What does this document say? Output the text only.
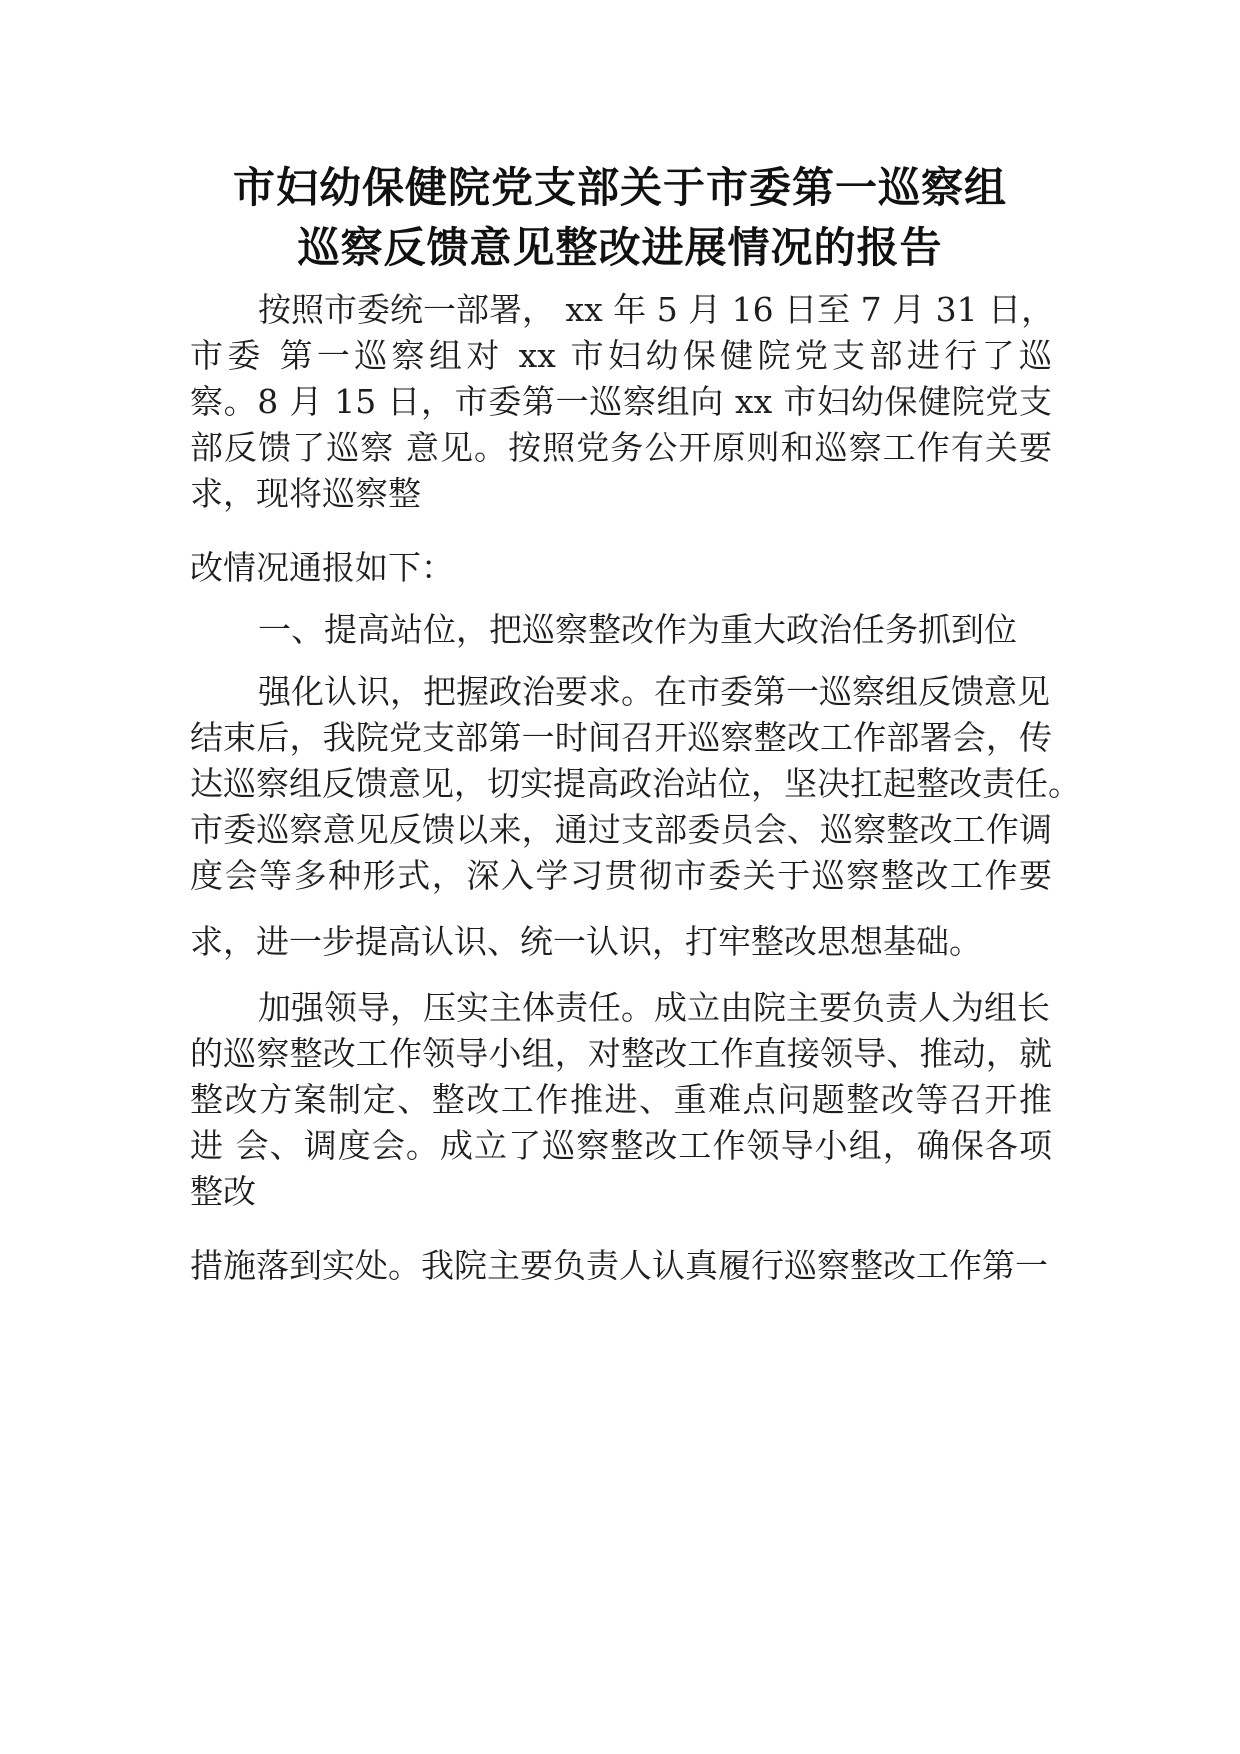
市妇幼保健院党支部关于市委第一巡察组
巡察反馈意见整改进展情况的报告
按照市委统一部署， xx 年 5 月 16 日至 7 月 31 日，
市委 第一巡察组对 xx 市妇幼保健院党支部进行了巡
察。8 月 15 日，市委第一巡察组向 xx 市妇幼保健院党支
部反馈了巡察 意见。按照党务公开原则和巡察工作有关要
求，现将巡察整
改情况通报如下：
一、提高站位，把巡察整改作为重大政治任务抓到位
强化认识，把握政治要求。在市委第一巡察组反馈意见
结束后，我院党支部第一时间召开巡察整改工作部署会，传
达巡察组反馈意见，切实提高政治站位，坚决扛起整改责任。
市委巡察意见反馈以来，通过支部委员会、巡察整改工作调
度会等多种形式，深入学习贯彻市委关于巡察整改工作要
求，进一步提高认识、统一认识，打牢整改思想基础。
加强领导，压实主体责任。成立由院主要负责人为组长
的巡察整改工作领导小组，对整改工作直接领导、推动，就
整改方案制定、整改工作推进、重难点问题整改等召开推
进 会、调度会。成立了巡察整改工作领导小组，确保各项
整改
措施落到实处。我院主要负责人认真履行巡察整改工作第一
